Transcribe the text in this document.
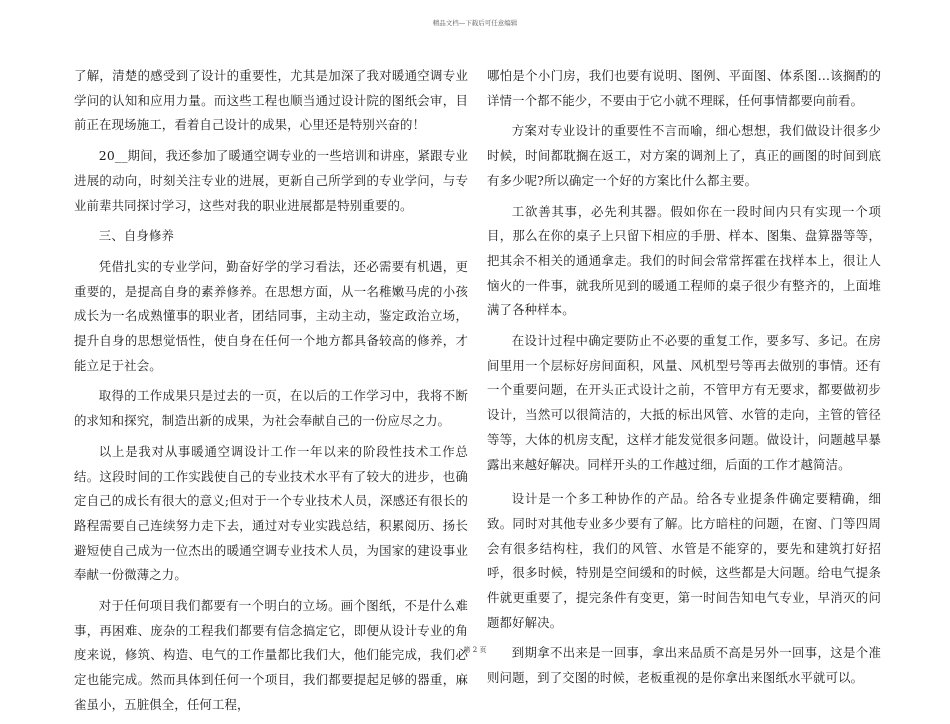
精品文档—下载后可任意编辑

了解，清楚的感受到了设计的重要性，尤其是加深了我对暖通空调专业学问的认知和应用力量。而这些工程也顺当通过设计院的图纸会审，目前正在现场施工，看着自己设计的成果，心里还是特别兴奋的！

20__期间，我还参加了暖通空调专业的一些培训和讲座，紧跟专业进展的动向，时刻关注专业的进展，更新自己所学到的专业学问，与专业前辈共同探讨学习，这些对我的职业进展都是特别重要的。

三、自身修养

凭借扎实的专业学问，勤奋好学的学习看法，还必需要有机遇，更重要的，是提高自身的素养修养。在思想方面，从一名稚嫩马虎的小孩成长为一名成熟懂事的职业者，团结同事，主动主动，鉴定政治立场，提升自身的思想觉悟性，使自身在任何一个地方都具备较高的修养，才能立足于社会。

取得的工作成果只是过去的一页，在以后的工作学习中，我将不断的求知和探究，制造出新的成果，为社会奉献自己的一份应尽之力。

以上是我对从事暖通空调设计工作一年以来的阶段性技术工作总结。这段时间的工作实践使自己的专业技术水平有了较大的进步，也确定自己的成长有很大的意义;但对于一个专业技术人员，深感还有很长的路程需要自己连续努力走下去，通过对专业实践总结，积累阅历、扬长避短使自己成为一位杰出的暖通空调专业技术人员，为国家的建设事业奉献一份微薄之力。

对于任何项目我们都要有一个明白的立场。画个图纸，不是什么难事，再困难、庞杂的工程我们都要有信念搞定它，即便从设计专业的角度来说，修筑、构造、电气的工作量都比我们大，他们能完成，我们必定也能完成。然而具体到任何一个项目，我们都要提起足够的器重，麻雀虽小，五脏俱全，任何工程，

哪怕是个小门房，我们也要有说明、图例、平面图、体系图…该搁酌的详情一个都不能少，不要由于它小就不理睬，任何事情都要向前看。

方案对专业设计的重要性不言而喻，细心想想，我们做设计很多少时候，时间都耽搁在返工，对方案的调剂上了，真正的画图的时间到底有多少呢?所以确定一个好的方案比什么都主要。

工欲善其事，必先利其器。假如你在一段时间内只有实现一个项目，那么在你的桌子上只留下相应的手册、样本、图集、盘算器等等，把其余不相关的通通拿走。我们的时间会常常挥霍在找样本上，很让人恼火的一件事，就我所见到的暖通工程师的桌子很少有整齐的，上面堆满了各种样本。

在设计过程中确定要防止不必要的重复工作，要多写、多记。在房间里用一个层标好房间面积，风量、风机型号等再去做别的事情。还有一个重要问题，在开头正式设计之前，不管甲方有无要求，都要做初步设计，当然可以很简洁的，大抵的标出风管、水管的走向，主管的管径等等，大体的机房支配，这样才能发觉很多问题。做设计，问题越早暴露出来越好解决。同样开头的工作越过细，后面的工作才越简洁。

设计是一个多工种协作的产品。给各专业提条件确定要精确，细致。同时对其他专业多少要有了解。比方暗柱的问题，在窗、门等四周会有很多结构柱，我们的风管、水管是不能穿的，要先和建筑打好招呼，很多时候，特别是空间缓和的时候，这些都是大问题。给电气提条件就更重要了，提完条件有变更，第一时间告知电气专业，早消灭的问题都好解决。

到期拿不出来是一回事，拿出来品质不高是另外一回事，这是个准则问题，到了交图的时候，老板重视的是你拿出来图纸水平就可以。

第 2 页
